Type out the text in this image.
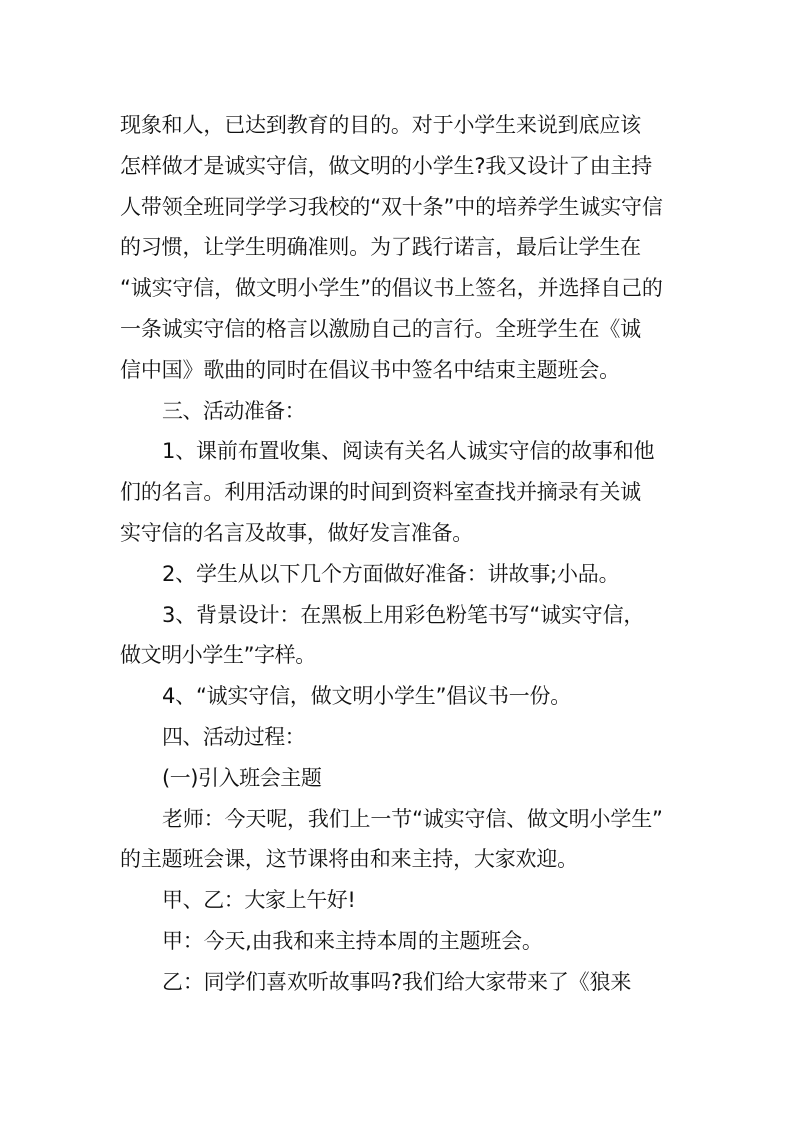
现象和人，已达到教育的目的。对于小学生来说到底应该
怎样做才是诚实守信，做文明的小学生?我又设计了由主持
人带领全班同学学习我校的“双十条”中的培养学生诚实守信
的习惯，让学生明确准则。为了践行诺言，最后让学生在
“诚实守信，做文明小学生”的倡议书上签名，并选择自己的
一条诚实守信的格言以激励自己的言行。全班学生在《诚
信中国》歌曲的同时在倡议书中签名中结束主题班会。
三、活动准备：
1、课前布置收集、阅读有关名人诚实守信的故事和他
们的名言。利用活动课的时间到资料室查找并摘录有关诚
实守信的名言及故事，做好发言准备。
2、学生从以下几个方面做好准备：讲故事;小品。
3、背景设计：在黑板上用彩色粉笔书写“诚实守信，
做文明小学生”字样。
4、“诚实守信，做文明小学生”倡议书一份。
四、活动过程：
(一)引入班会主题
老师：今天呢，我们上一节“诚实守信、做文明小学生”
的主题班会课，这节课将由和来主持，大家欢迎。
甲、乙：大家上午好!
甲：今天,由我和来主持本周的主题班会。
乙：同学们喜欢听故事吗?我们给大家带来了《狼来
